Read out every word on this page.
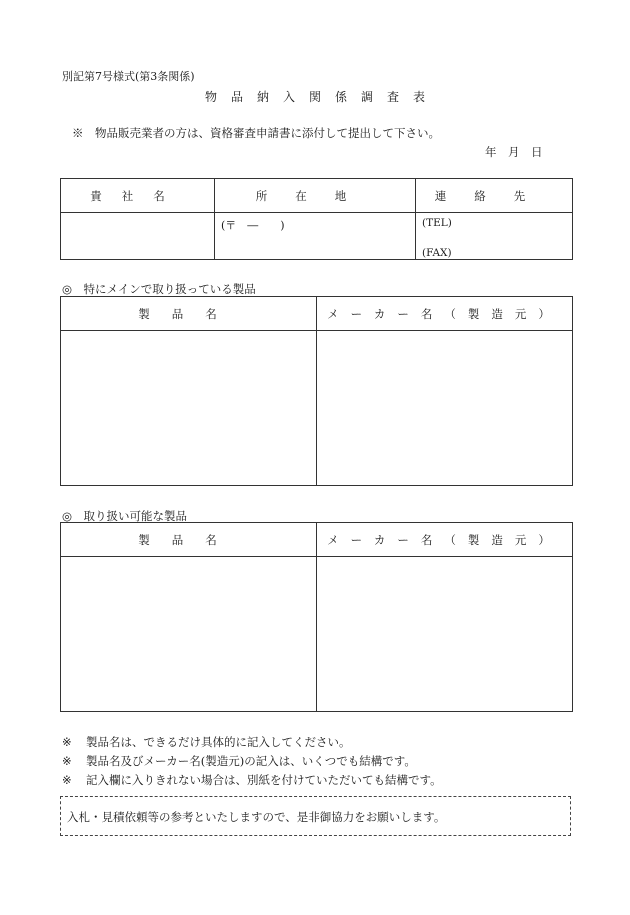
別記第7号様式(第3条関係)
物品納入関係調査表
※　物品販売業者の方は、資格審査申請書に添付して提出して下さい。
年　月　日
貴社名	所在地	連絡先

	(〒　―　　)	(TEL)
(FAX)
◎　特にメインで取り扱っている製品
製品名	メーカー名（製造元）

◎　取り扱い可能な製品
製品名	メーカー名（製造元）

※ 製品名は、できるだけ具体的に記入してください。
※ 製品名及びメーカー名(製造元)の記入は、いくつでも結構です。
※ 記入欄に入りきれない場合は、別紙を付けていただいても結構です。
入札・見積依頼等の参考といたしますので、是非御協力をお願いします。
